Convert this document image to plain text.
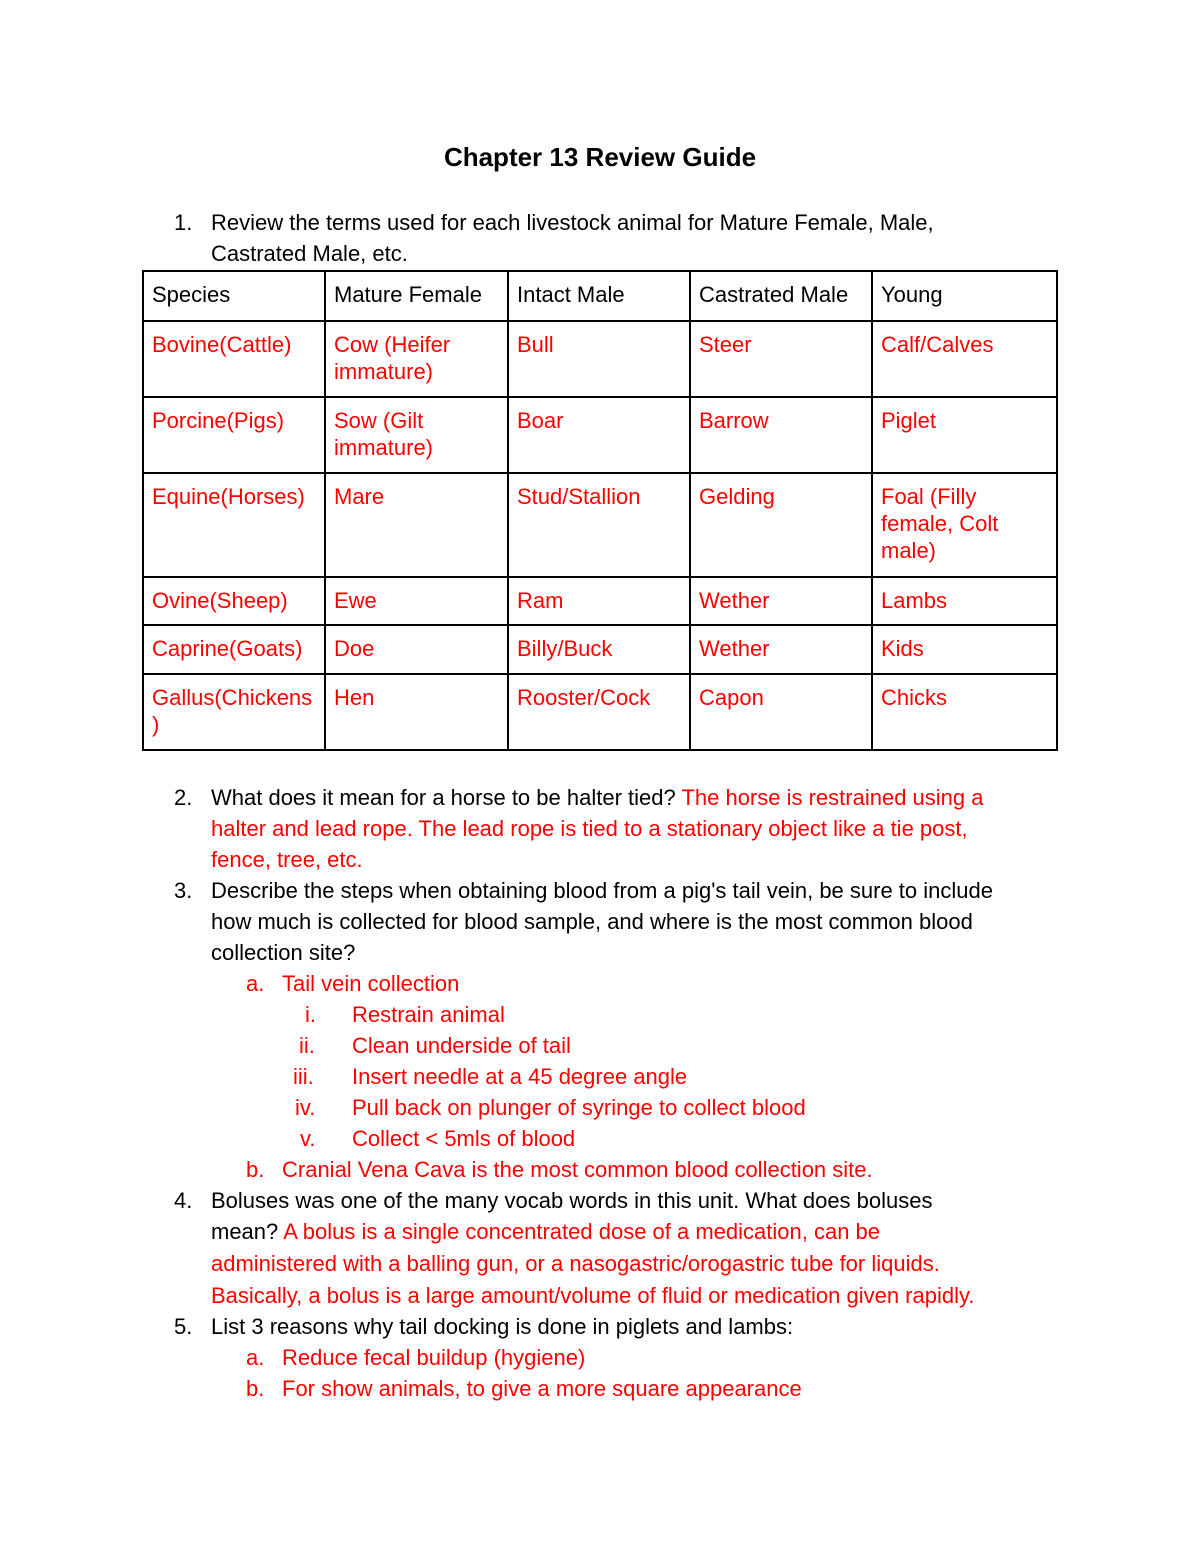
Chapter 13 Review Guide
1. Review the terms used for each livestock animal for Mature Female, Male,
Castrated Male, etc.
Species	Mature Female	Intact Male	Castrated Male	Young
Bovine(Cattle)	Cow (Heifer immature)	Bull	Steer	Calf/Calves
Porcine(Pigs)	Sow (Gilt immature)	Boar	Barrow	Piglet
Equine(Horses)	Mare	Stud/Stallion	Gelding	Foal (Filly female, Colt male)
Ovine(Sheep)	Ewe	Ram	Wether	Lambs
Caprine(Goats)	Doe	Billy/Buck	Wether	Kids
Gallus(Chickens)	Hen	Rooster/Cock	Capon	Chicks
2. What does it mean for a horse to be halter tied? The horse is restrained using a
halter and lead rope. The lead rope is tied to a stationary object like a tie post,
fence, tree, etc.
3. Describe the steps when obtaining blood from a pig's tail vein, be sure to include
how much is collected for blood sample, and where is the most common blood
collection site?
a. Tail vein collection
i. Restrain animal
ii. Clean underside of tail
iii. Insert needle at a 45 degree angle
iv. Pull back on plunger of syringe to collect blood
v. Collect < 5mls of blood
b. Cranial Vena Cava is the most common blood collection site.
4. Boluses was one of the many vocab words in this unit. What does boluses
mean? A bolus is a single concentrated dose of a medication, can be
administered with a balling gun, or a nasogastric/orogastric tube for liquids.
Basically, a bolus is a large amount/volume of fluid or medication given rapidly.
5. List 3 reasons why tail docking is done in piglets and lambs:
a. Reduce fecal buildup (hygiene)
b. For show animals, to give a more square appearance
